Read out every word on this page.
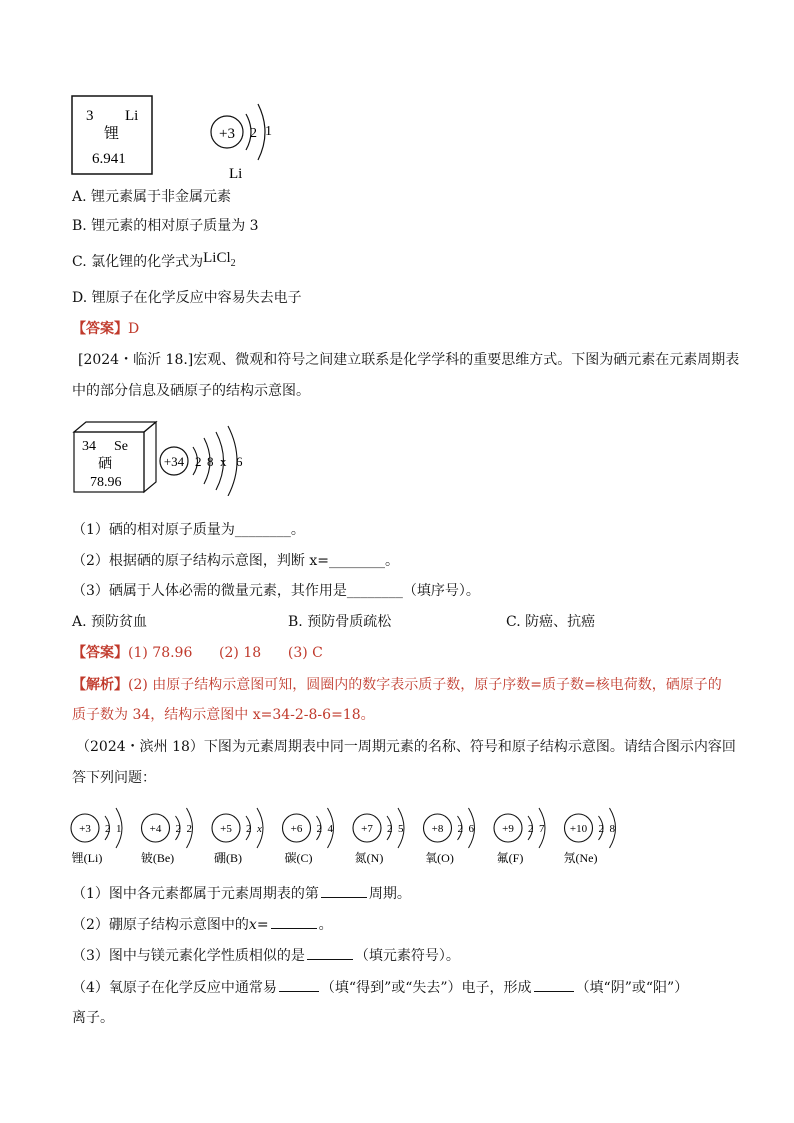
3 Li
锂
6.941
+3 2 1
Li
A. 锂元素属于非金属元素
B. 锂元素的相对原子质量为 3
C. 氯化锂的化学式为LiCl$_2$
D. 锂原子在化学反应中容易失去电子
【答案】D
[2024・临沂 18.]宏观、微观和符号之间建立联系是化学学科的重要思维方式。下图为硒元素在元素周期表
中的部分信息及硒原子的结构示意图。
34 Se
硒
78.96
+34 2 8 x 6
（1）硒的相对原子质量为________。
（2）根据硒的原子结构示意图，判断 x=________。
（3）硒属于人体必需的微量元素，其作用是________（填序号）。
A. 预防贫血	B. 预防骨质疏松	C. 防癌、抗癌
【答案】(1) 78.96      (2) 18      (3) C
【解析】(2) 由原子结构示意图可知，圆圈内的数字表示质子数，原子序数=质子数=核电荷数，硒原子的
质子数为 34，结构示意图中 x=34-2-8-6=18。
（2024・滨州 18）下图为元素周期表中同一周期元素的名称、符号和原子结构示意图。请结合图示内容回
答下列问题：
+3 2 1
锂(Li)
+4 2 2
铍(Be)
+5 2 x
硼(B)
+6 2 4
碳(C)
+7 2 5
氮(N)
+8 2 6
氧(O)
+9 2 7
氟(F)
+10 2 8
氖(Ne)
（1）图中各元素都属于元素周期表的第	周期。
（2）硼原子结构示意图中的x=	。
（3）图中与镁元素化学性质相似的是	（填元素符号）。
（4）氧原子在化学反应中通常易	（填“得到”或“失去”）电子，形成	（填“阴”或“阳”）
离子。
